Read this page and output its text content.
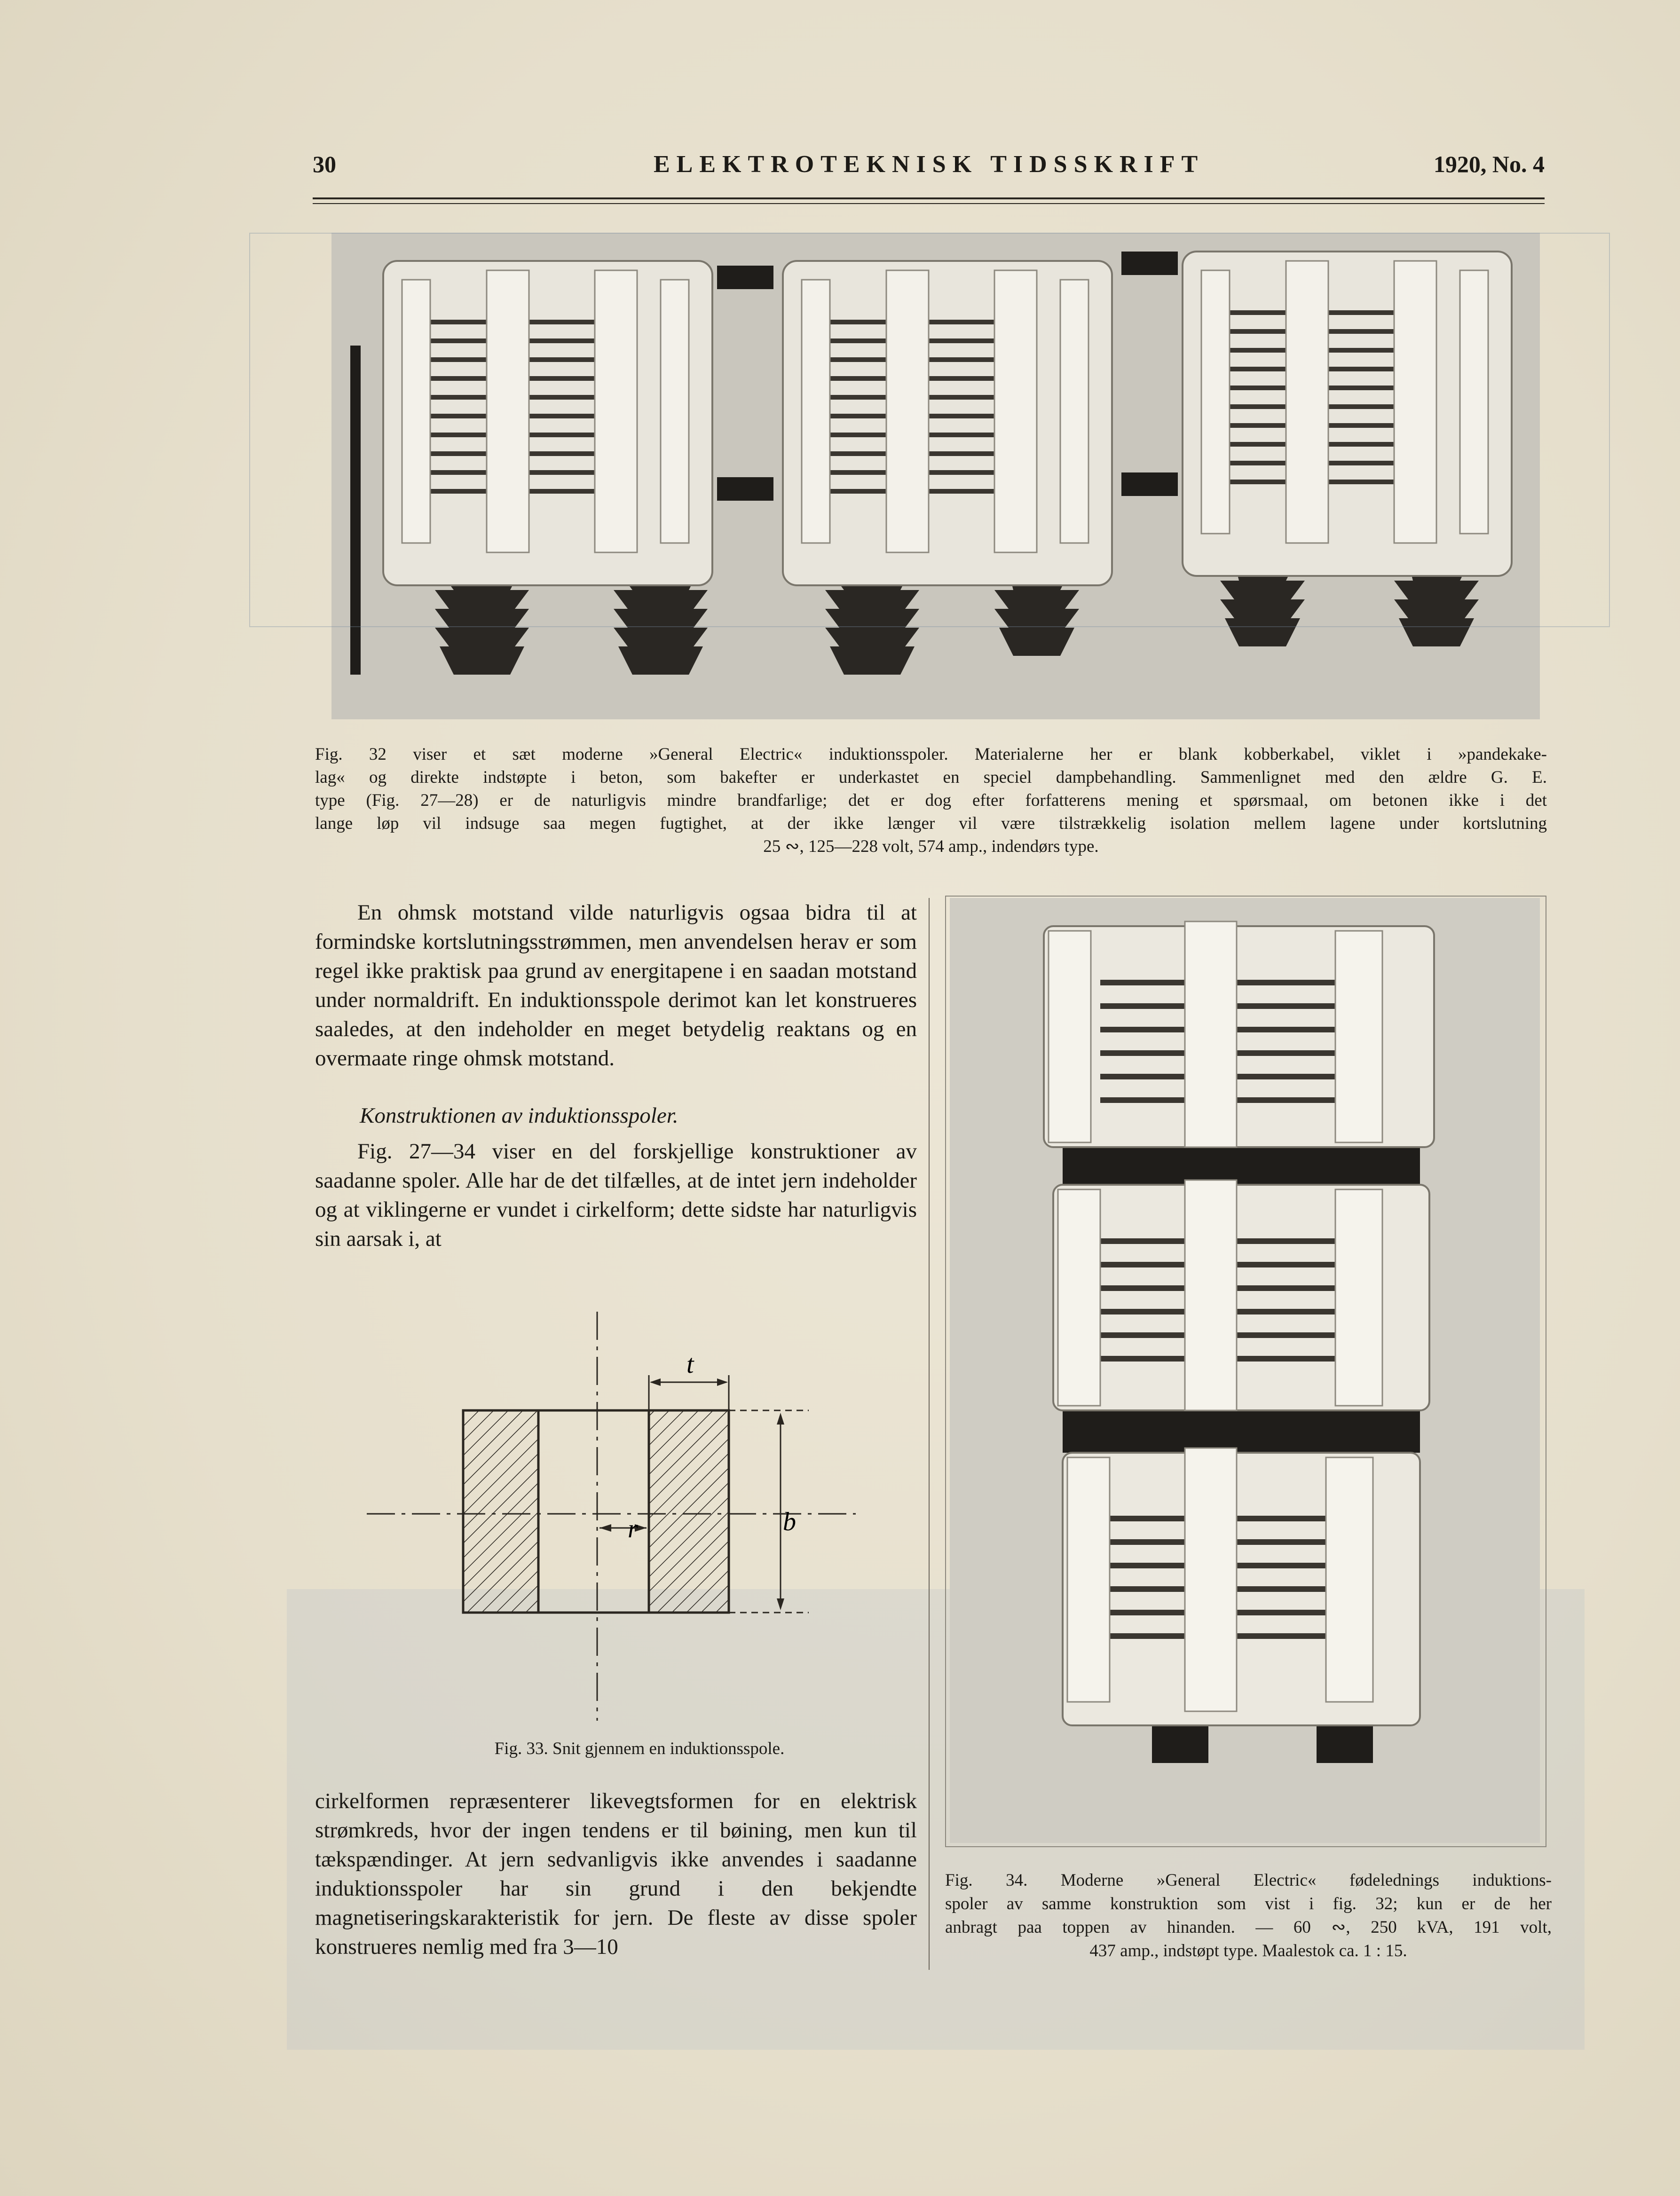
30	ELEKTROTEKNISK TIDSSKRIFT	1920, No. 4
Fig. 32 viser et sæt moderne »General Electric« induktionsspoler. Materialerne her er blank kobberkabel, viklet i »pandekake-
lag« og direkte indstøpte i beton, som bakefter er underkastet en speciel dampbehandling. Sammenlignet med den ældre G. E.
type (Fig. 27—28) er de naturligvis mindre brandfarlige; det er dog efter forfatterens mening et spørsmaal, om betonen ikke i det
lange løp vil indsuge saa megen fugtighet, at der ikke længer vil være tilstrækkelig isolation mellem lagene under kortslutning
25 ∾, 125—228 volt, 574 amp., indendørs type.

En ohmsk motstand vilde naturligvis ogsaa bidra til at formindske kortslutningsstrømmen, men anvendelsen herav er som regel ikke praktisk paa grund av energitapene i en saadan motstand under normaldrift. En induktionsspole derimot kan let konstrueres saaledes, at den indeholder en meget betydelig reaktans og en overmaate ringe ohmsk motstand.

Konstruktionen av induktionsspoler.

Fig. 27—34 viser en del forskjellige konstruktioner av saadanne spoler. Alle har de det tilfælles, at de intet jern indeholder og at viklingerne er vundet i cirkelform; dette sidste har naturligvis sin aarsak i, at

t
r	b
Fig. 33. Snit gjennem en induktionsspole.

cirkelformen repræsenterer likevegtsformen for en elektrisk strømkreds, hvor der ingen tendens er til bøining, men kun til tækspændinger. At jern sedvanligvis ikke anvendes i saadanne induktionsspoler har sin grund i den bekjendte magnetiseringskarakteristik for jern. De fleste av disse spoler konstrueres nemlig med fra 3—10

Fig. 34. Moderne »General Electric« fødelednings induktions-
spoler av samme konstruktion som vist i fig. 32; kun er de her
anbragt paa toppen av hinanden. — 60 ∾, 250 kVA, 191 volt,
437 amp., indstøpt type. Maalestok ca. 1 : 15.
